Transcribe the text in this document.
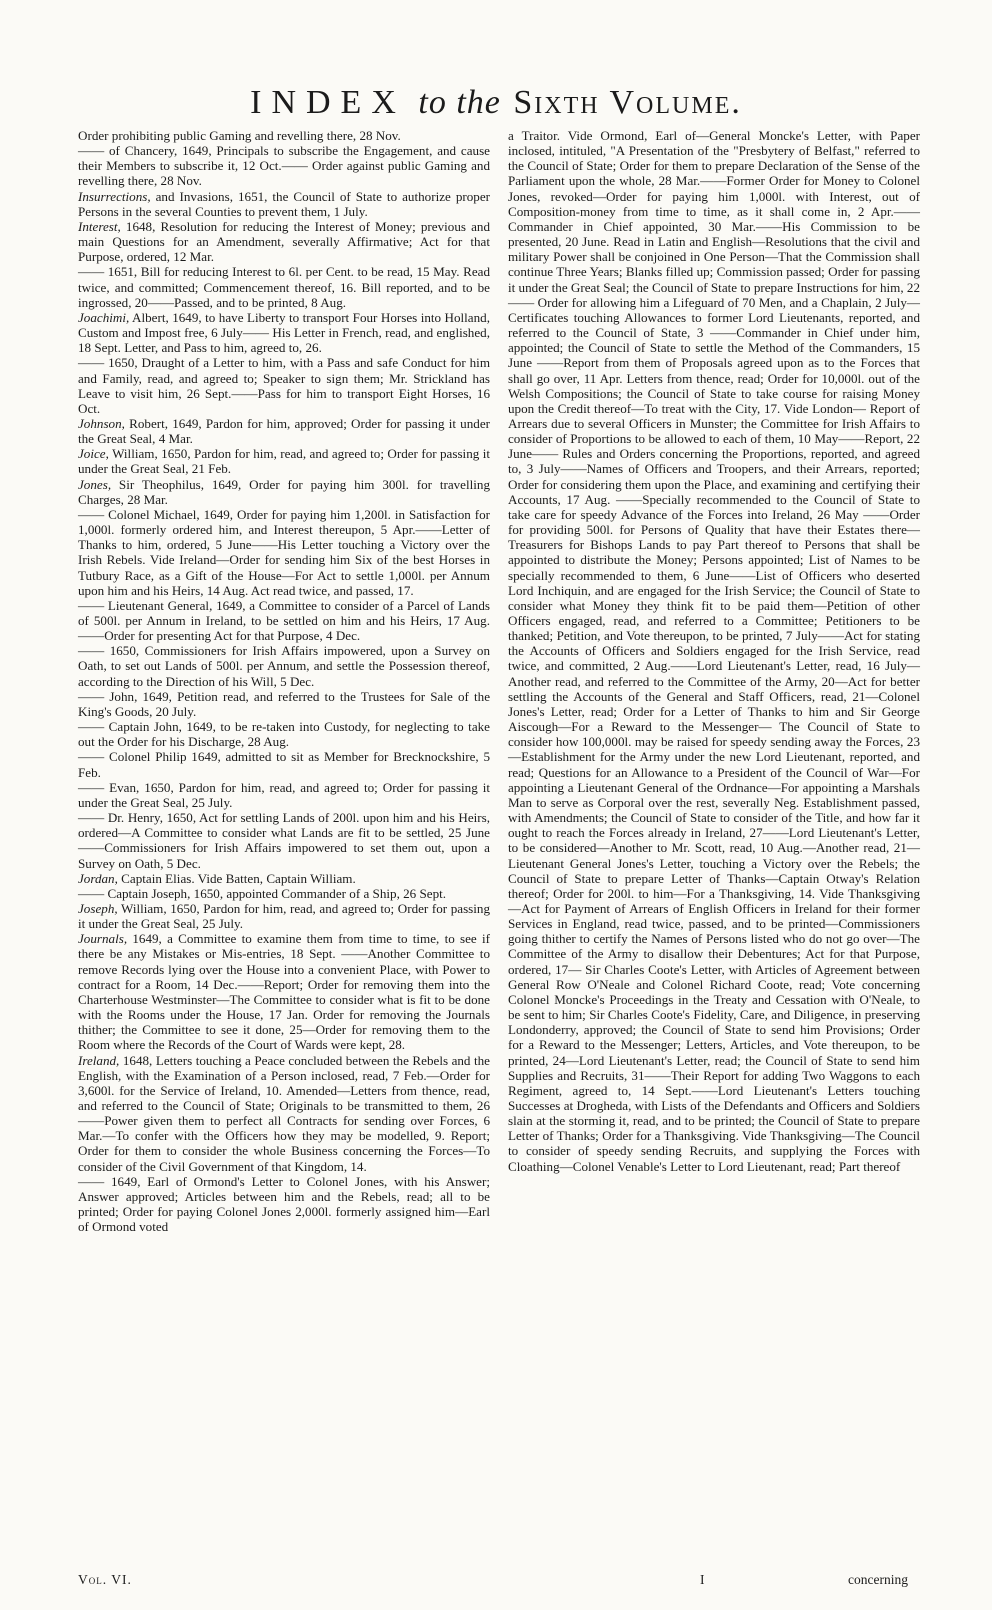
INDEX to the Sixth Volume.

Order prohibiting public Gaming and revelling there, 28 Nov.

—— of Chancery, 1649, Principals to subscribe the Engagement, and cause their Members to subscribe it, 12 Oct.—— Order against public Gaming and revelling there, 28 Nov.

Insurrections, and Invasions, 1651, the Council of State to authorize proper Persons in the several Counties to prevent them, 1 July.

Interest, 1648, Resolution for reducing the Interest of Money; previous and main Questions for an Amendment, severally Affirmative; Act for that Purpose, ordered, 12 Mar.

—— 1651, Bill for reducing Interest to 6l. per Cent. to be read, 15 May. Read twice, and committed; Commencement thereof, 16. Bill reported, and to be ingrossed, 20——Passed, and to be printed, 8 Aug.

Joachimi, Albert, 1649, to have Liberty to transport Four Horses into Holland, Custom and Impost free, 6 July—— His Letter in French, read, and englished, 18 Sept. Letter, and Pass to him, agreed to, 26.

—— 1650, Draught of a Letter to him, with a Pass and safe Conduct for him and Family, read, and agreed to; Speaker to sign them; Mr. Strickland has Leave to visit him, 26 Sept.——Pass for him to transport Eight Horses, 16 Oct.

Johnson, Robert, 1649, Pardon for him, approved; Order for passing it under the Great Seal, 4 Mar.

Joice, William, 1650, Pardon for him, read, and agreed to; Order for passing it under the Great Seal, 21 Feb.

Jones, Sir Theophilus, 1649, Order for paying him 300l. for travelling Charges, 28 Mar.

—— Colonel Michael, 1649, Order for paying him 1,200l. in Satisfaction for 1,000l. formerly ordered him, and Interest thereupon, 5 Apr.——Letter of Thanks to him, ordered, 5 June——His Letter touching a Victory over the Irish Rebels. Vide Ireland—Order for sending him Six of the best Horses in Tutbury Race, as a Gift of the House—For Act to settle 1,000l. per Annum upon him and his Heirs, 14 Aug. Act read twice, and passed, 17.

—— Lieutenant General, 1649, a Committee to consider of a Parcel of Lands of 500l. per Annum in Ireland, to be settled on him and his Heirs, 17 Aug.——Order for presenting Act for that Purpose, 4 Dec.

—— 1650, Commissioners for Irish Affairs impowered, upon a Survey on Oath, to set out Lands of 500l. per Annum, and settle the Possession thereof, according to the Direction of his Will, 5 Dec.

—— John, 1649, Petition read, and referred to the Trustees for Sale of the King's Goods, 20 July.

—— Captain John, 1649, to be re-taken into Custody, for neglecting to take out the Order for his Discharge, 28 Aug.

—— Colonel Philip 1649, admitted to sit as Member for Brecknockshire, 5 Feb.

—— Evan, 1650, Pardon for him, read, and agreed to; Order for passing it under the Great Seal, 25 July.

—— Dr. Henry, 1650, Act for settling Lands of 200l. upon him and his Heirs, ordered—A Committee to consider what Lands are fit to be settled, 25 June——Commissioners for Irish Affairs impowered to set them out, upon a Survey on Oath, 5 Dec.

Jordan, Captain Elias. Vide Batten, Captain William.

—— Captain Joseph, 1650, appointed Commander of a Ship, 26 Sept.

Joseph, William, 1650, Pardon for him, read, and agreed to; Order for passing it under the Great Seal, 25 July.

Journals, 1649, a Committee to examine them from time to time, to see if there be any Mistakes or Mis-entries, 18 Sept. ——Another Committee to remove Records lying over the House into a convenient Place, with Power to contract for a Room, 14 Dec.——Report; Order for removing them into the Charterhouse Westminster—The Committee to consider what is fit to be done with the Rooms under the House, 17 Jan. Order for removing the Journals thither; the Committee to see it done, 25—Order for removing them to the Room where the Records of the Court of Wards were kept, 28.

Ireland, 1648, Letters touching a Peace concluded between the Rebels and the English, with the Examination of a Person inclosed, read, 7 Feb.—Order for 3,600l. for the Service of Ireland, 10. Amended—Letters from thence, read, and referred to the Council of State; Originals to be transmitted to them, 26——Power given them to perfect all Contracts for sending over Forces, 6 Mar.—To confer with the Officers how they may be modelled, 9. Report; Order for them to consider the whole Business concerning the Forces—To consider of the Civil Government of that Kingdom, 14.

—— 1649, Earl of Ormond's Letter to Colonel Jones, with his Answer; Answer approved; Articles between him and the Rebels, read; all to be printed; Order for paying Colonel Jones 2,000l. formerly assigned him—Earl of Ormond voted

a Traitor. Vide Ormond, Earl of—General Moncke's Letter, with Paper inclosed, intituled, "A Presentation of the "Presbytery of Belfast," referred to the Council of State; Order for them to prepare Declaration of the Sense of the Parliament upon the whole, 28 Mar.——Former Order for Money to Colonel Jones, revoked—Order for paying him 1,000l. with Interest, out of Composition-money from time to time, as it shall come in, 2 Apr.——Commander in Chief appointed, 30 Mar.——His Commission to be presented, 20 June. Read in Latin and English—Resolutions that the civil and military Power shall be conjoined in One Person—That the Commission shall continue Three Years; Blanks filled up; Commission passed; Order for passing it under the Great Seal; the Council of State to prepare Instructions for him, 22—— Order for allowing him a Lifeguard of 70 Men, and a Chaplain, 2 July—Certificates touching Allowances to former Lord Lieutenants, reported, and referred to the Council of State, 3 ——Commander in Chief under him, appointed; the Council of State to settle the Method of the Commanders, 15 June ——Report from them of Proposals agreed upon as to the Forces that shall go over, 11 Apr. Letters from thence, read; Order for 10,000l. out of the Welsh Compositions; the Council of State to take course for raising Money upon the Credit thereof—To treat with the City, 17. Vide London— Report of Arrears due to several Officers in Munster; the Committee for Irish Affairs to consider of Proportions to be allowed to each of them, 10 May——Report, 22 June—— Rules and Orders concerning the Proportions, reported, and agreed to, 3 July——Names of Officers and Troopers, and their Arrears, reported; Order for considering them upon the Place, and examining and certifying their Accounts, 17 Aug. ——Specially recommended to the Council of State to take care for speedy Advance of the Forces into Ireland, 26 May ——Order for providing 500l. for Persons of Quality that have their Estates there—Treasurers for Bishops Lands to pay Part thereof to Persons that shall be appointed to distribute the Money; Persons appointed; List of Names to be specially recommended to them, 6 June——List of Officers who deserted Lord Inchiquin, and are engaged for the Irish Service; the Council of State to consider what Money they think fit to be paid them—Petition of other Officers engaged, read, and referred to a Committee; Petitioners to be thanked; Petition, and Vote thereupon, to be printed, 7 July——Act for stating the Accounts of Officers and Soldiers engaged for the Irish Service, read twice, and committed, 2 Aug.——Lord Lieutenant's Letter, read, 16 July—Another read, and referred to the Committee of the Army, 20—Act for better settling the Accounts of the General and Staff Officers, read, 21—Colonel Jones's Letter, read; Order for a Letter of Thanks to him and Sir George Aiscough—For a Reward to the Messenger— The Council of State to consider how 100,000l. may be raised for speedy sending away the Forces, 23—Establishment for the Army under the new Lord Lieutenant, reported, and read; Questions for an Allowance to a President of the Council of War—For appointing a Lieutenant General of the Ordnance—For appointing a Marshals Man to serve as Corporal over the rest, severally Neg. Establishment passed, with Amendments; the Council of State to consider of the Title, and how far it ought to reach the Forces already in Ireland, 27——Lord Lieutenant's Letter, to be considered—Another to Mr. Scott, read, 10 Aug.—Another read, 21—Lieutenant General Jones's Letter, touching a Victory over the Rebels; the Council of State to prepare Letter of Thanks—Captain Otway's Relation thereof; Order for 200l. to him—For a Thanksgiving, 14. Vide Thanksgiving—Act for Payment of Arrears of English Officers in Ireland for their former Services in England, read twice, passed, and to be printed—Commissioners going thither to certify the Names of Persons listed who do not go over—The Committee of the Army to disallow their Debentures; Act for that Purpose, ordered, 17— Sir Charles Coote's Letter, with Articles of Agreement between General Row O'Neale and Colonel Richard Coote, read; Vote concerning Colonel Moncke's Proceedings in the Treaty and Cessation with O'Neale, to be sent to him; Sir Charles Coote's Fidelity, Care, and Diligence, in preserving Londonderry, approved; the Council of State to send him Provisions; Order for a Reward to the Messenger; Letters, Articles, and Vote thereupon, to be printed, 24—Lord Lieutenant's Letter, read; the Council of State to send him Supplies and Recruits, 31——Their Report for adding Two Waggons to each Regiment, agreed to, 14 Sept.——Lord Lieutenant's Letters touching Successes at Drogheda, with Lists of the Defendants and Officers and Soldiers slain at the storming it, read, and to be printed; the Council of State to prepare Letter of Thanks; Order for a Thanksgiving. Vide Thanksgiving—The Council to consider of speedy sending Recruits, and supplying the Forces with Cloathing—Colonel Venable's Letter to Lord Lieutenant, read; Part thereof

Vol. VI.	I	concerning
